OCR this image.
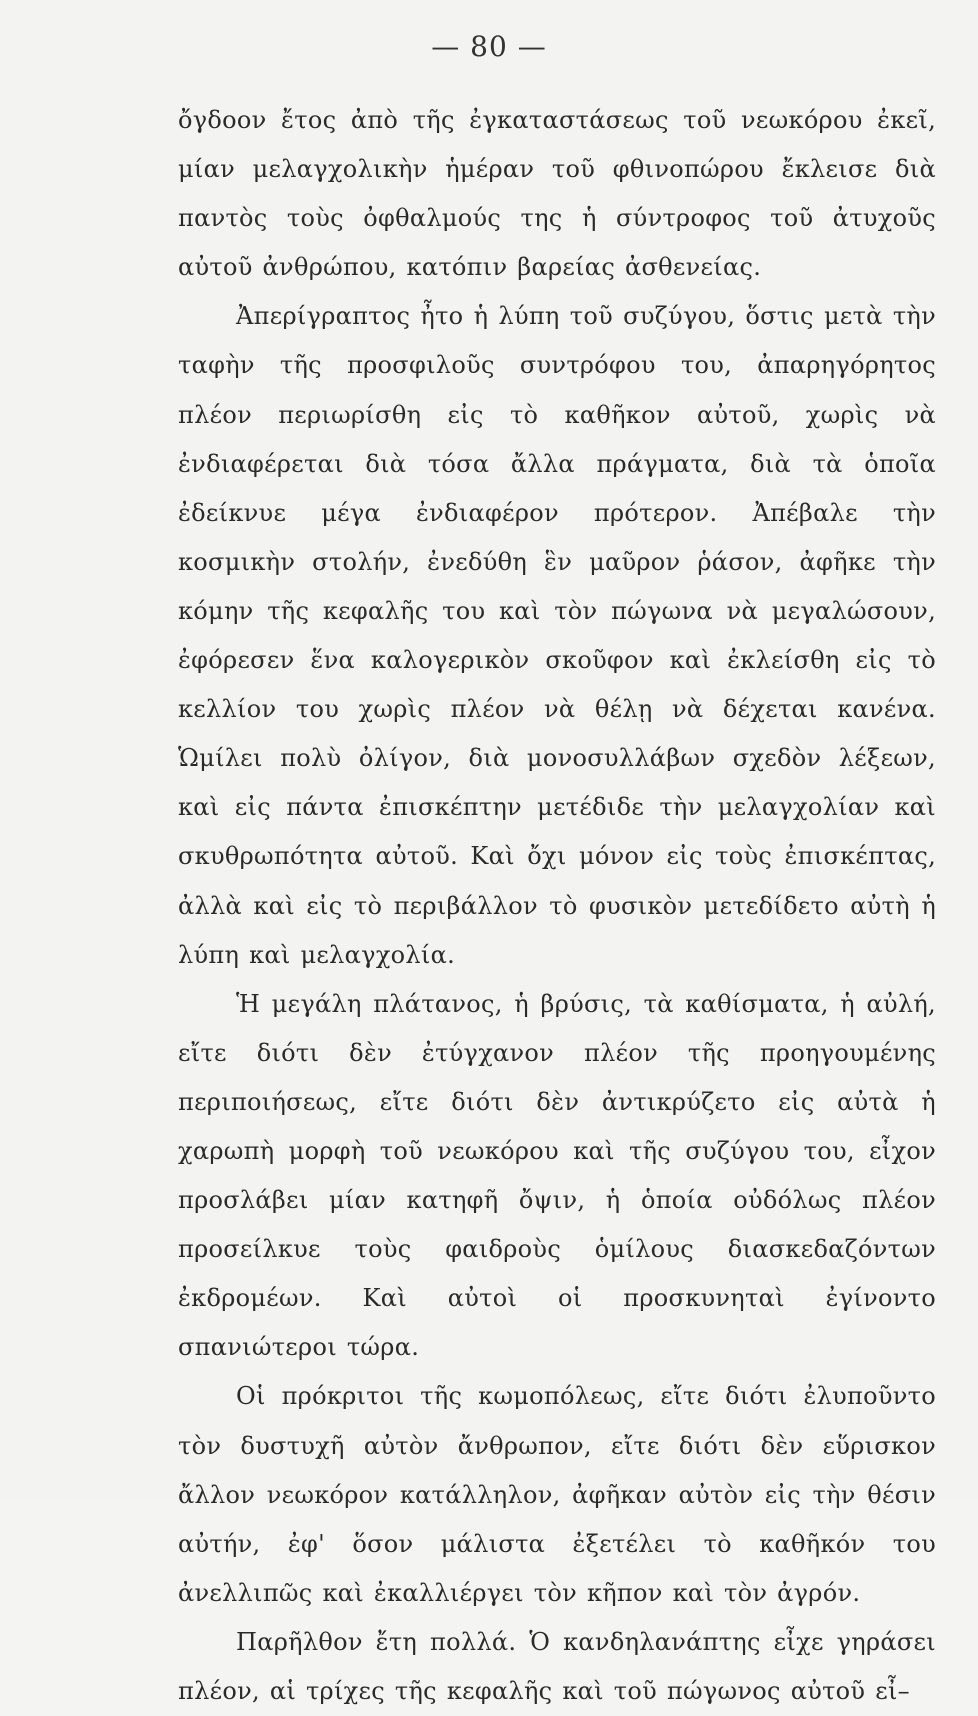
— 80 —

ὄγδοον ἔτος ἀπὸ τῆς ἐγκαταστάσεως τοῦ νεωκόρου ἐκεῖ, μίαν μελαγχολικὴν ἡμέραν τοῦ φθινοπώρου ἔκλεισε διὰ παντὸς τοὺς ὀφθαλμούς της ἡ σύντροφος τοῦ ἀτυχοῦς αὐτοῦ ἀνθρώπου, κατόπιν βαρείας ἀσθενείας.

Ἀπερίγραπτος ἦτο ἡ λύπη τοῦ συζύγου, ὅστις μετὰ τὴν ταφὴν τῆς προσφιλοῦς συντρόφου του, ἀπαρηγόρητος πλέον περιωρίσθη εἰς τὸ καθῆκον αὐτοῦ, χωρὶς νὰ ἐνδιαφέρεται διὰ τόσα ἄλλα πράγματα, διὰ τὰ ὁποῖα ἐδείκνυε μέγα ἐνδιαφέρον πρότερον. Ἀπέβαλε τὴν κοσμικὴν στολήν, ἐνεδύθη ἓν μαῦρον ῥάσον, ἀφῆκε τὴν κόμην τῆς κεφαλῆς του καὶ τὸν πώγωνα νὰ μεγαλώσουν, ἐφόρεσεν ἕνα καλογερικὸν σκοῦφον καὶ ἐκλείσθη εἰς τὸ κελλίον του χωρὶς πλέον νὰ θέλῃ νὰ δέχεται κανένα. Ὡμίλει πολὺ ὀλίγον, διὰ μονοσυλλάβων σχεδὸν λέξεων, καὶ εἰς πάντα ἐπισκέπτην μετέδιδε τὴν μελαγχολίαν καὶ σκυθρωπότητα αὐτοῦ. Καὶ ὄχι μόνον εἰς τοὺς ἐπισκέπτας, ἀλλὰ καὶ εἰς τὸ περιβάλλον τὸ φυσικὸν μετεδίδετο αὐτὴ ἡ λύπη καὶ μελαγχολία.

Ἡ μεγάλη πλάτανος, ἡ βρύσις, τὰ καθίσματα, ἡ αὐλή, εἴτε διότι δὲν ἐτύγχανον πλέον τῆς προηγουμένης περιποιήσεως, εἴτε διότι δὲν ἀντικρύζετο εἰς αὐτὰ ἡ χαρωπὴ μορφὴ τοῦ νεωκόρου καὶ τῆς συζύγου του, εἶχον προσλάβει μίαν κατηφῆ ὄψιν, ἡ ὁποία οὐδόλως πλέον προσείλκυε τοὺς φαιδροὺς ὁμίλους διασκεδαζόντων ἐκδρομέων. Καὶ αὐτοὶ οἱ προσκυνηταὶ ἐγίνοντο σπανιώτεροι τώρα.

Οἱ πρόκριτοι τῆς κωμοπόλεως, εἴτε διότι ἐλυποῦντο τὸν δυστυχῆ αὐτὸν ἄνθρωπον, εἴτε διότι δὲν εὕρισκον ἄλλον νεωκόρον κατάλληλον, ἀφῆκαν αὐτὸν εἰς τὴν θέσιν αὐτήν, ἐφ' ὅσον μάλιστα ἐξετέλει τὸ καθῆκόν του ἀνελλιπῶς καὶ ἐκαλλιέργει τὸν κῆπον καὶ τὸν ἀγρόν.

Παρῆλθον ἔτη πολλά. Ὁ κανδηλανάπτης εἶχε γηράσει πλέον, αἱ τρίχες τῆς κεφαλῆς καὶ τοῦ πώγωνος αὐτοῦ εἶ–
